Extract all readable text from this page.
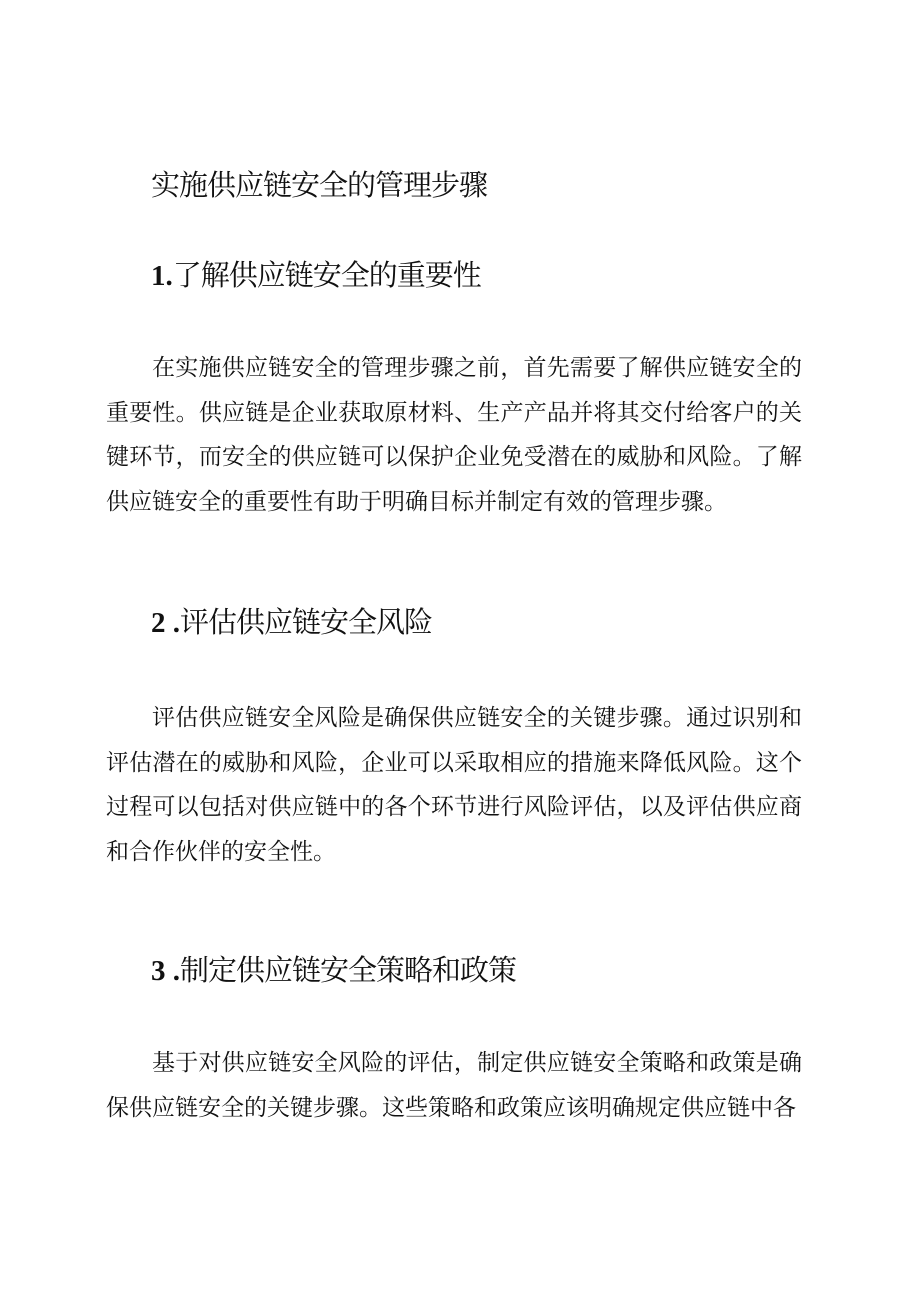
实施供应链安全的管理步骤
1.了解供应链安全的重要性

在实施供应链安全的管理步骤之前，首先需要了解供应链安全的重要性。供应链是企业获取原材料、生产产品并将其交付给客户的关键环节，而安全的供应链可以保护企业免受潜在的威胁和风险。了解供应链安全的重要性有助于明确目标并制定有效的管理步骤。

2 .评估供应链安全风险

评估供应链安全风险是确保供应链安全的关键步骤。通过识别和评估潜在的威胁和风险，企业可以采取相应的措施来降低风险。这个过程可以包括对供应链中的各个环节进行风险评估，以及评估供应商和合作伙伴的安全性。

3 .制定供应链安全策略和政策

基于对供应链安全风险的评估，制定供应链安全策略和政策是确保供应链安全的关键步骤。这些策略和政策应该明确规定供应链中各
